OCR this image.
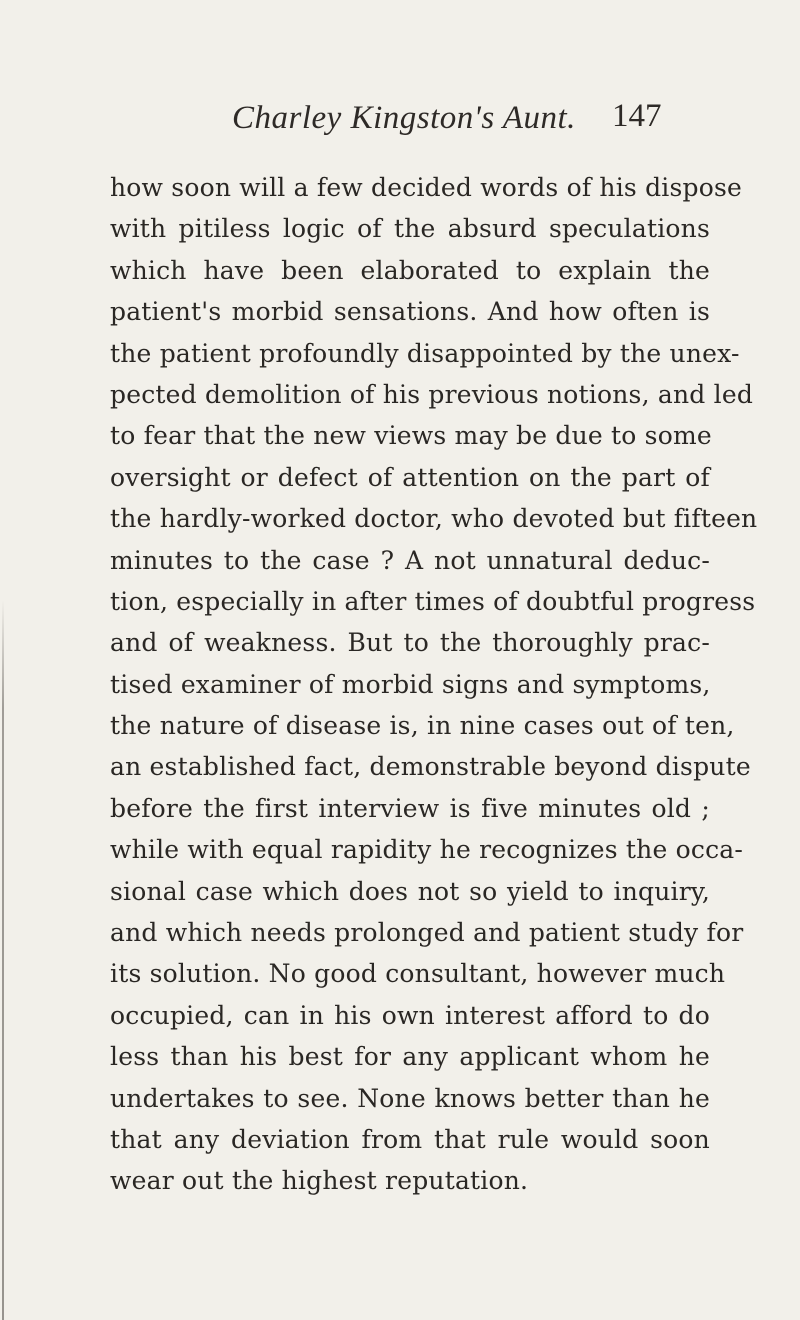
Charley Kingston's Aunt. 147
how soon will a few decided words of his dispose
with pitiless logic of the absurd speculations
which have been elaborated to explain the
patient's morbid sensations. And how often is
the patient profoundly disappointed by the unex-
pected demolition of his previous notions, and led
to fear that the new views may be due to some
oversight or defect of attention on the part of
the hardly-worked doctor, who devoted but fifteen
minutes to the case ? A not unnatural deduc-
tion, especially in after times of doubtful progress
and of weakness. But to the thoroughly prac-
tised examiner of morbid signs and symptoms,
the nature of disease is, in nine cases out of ten,
an established fact, demonstrable beyond dispute
before the first interview is five minutes old ;
while with equal rapidity he recognizes the occa-
sional case which does not so yield to inquiry,
and which needs prolonged and patient study for
its solution. No good consultant, however much
occupied, can in his own interest afford to do
less than his best for any applicant whom he
undertakes to see. None knows better than he
that any deviation from that rule would soon
wear out the highest reputation.
